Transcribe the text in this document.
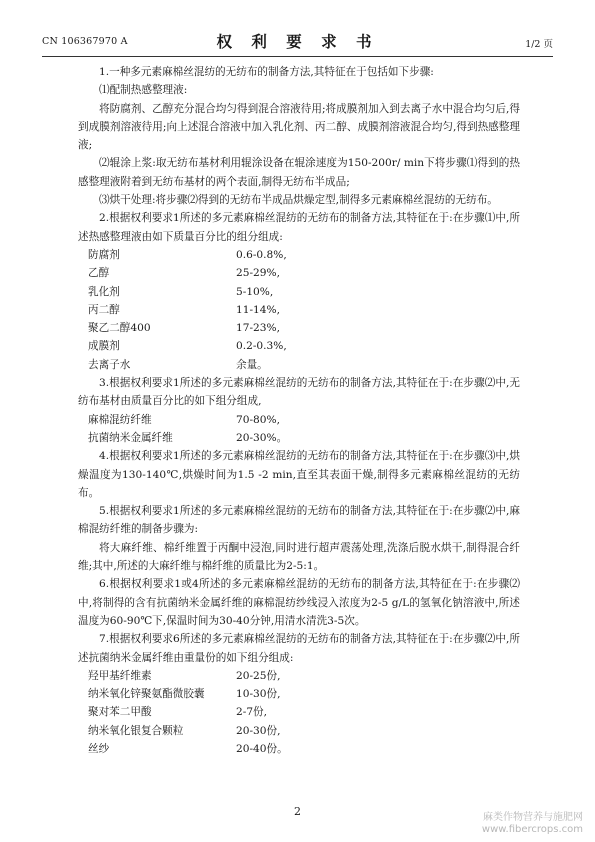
CN 106367970 A	权 利 要 求 书	1/2 页

1.一种多元素麻棉丝混纺的无纺布的制备方法,其特征在于包括如下步骤:

⑴配制热感整理液:

将防腐剂、乙醇充分混合均匀得到混合溶液待用;将成膜剂加入到去离子水中混合均匀后,得到成膜剂溶液待用;向上述混合溶液中加入乳化剂、丙二醇、成膜剂溶液混合均匀,得到热感整理液;

⑵辊涂上浆:取无纺布基材利用辊涂设备在辊涂速度为150-200r/ min下将步骤⑴得到的热感整理液附着到无纺布基材的两个表面,制得无纺布半成品;

⑶烘干处理:将步骤⑵得到的无纺布半成品烘燥定型,制得多元素麻棉丝混纺的无纺布。

2.根据权利要求1所述的多元素麻棉丝混纺的无纺布的制备方法,其特征在于:在步骤⑴中,所述热感整理液由如下质量百分比的组分组成:

防腐剂	0.6-0.8%,
乙醇	25-29%,
乳化剂	5-10%,
丙二醇	11-14%,
聚乙二醇400	17-23%,
成膜剂	0.2-0.3%,
去离子水	余量。

3.根据权利要求1所述的多元素麻棉丝混纺的无纺布的制备方法,其特征在于:在步骤⑵中,无纺布基材由质量百分比的如下组分组成,

麻棉混纺纤维	70-80%,
抗菌纳米金属纤维	20-30%。

4.根据权利要求1所述的多元素麻棉丝混纺的无纺布的制备方法,其特征在于:在步骤⑶中,烘燥温度为130-140℃,烘燥时间为1.5 -2 min,直至其表面干燥,制得多元素麻棉丝混纺的无纺布。

5.根据权利要求1所述的多元素麻棉丝混纺的无纺布的制备方法,其特征在于:在步骤⑵中,麻棉混纺纤维的制备步骤为:

将大麻纤维、棉纤维置于丙酮中浸泡,同时进行超声震荡处理,洗涤后脱水烘干,制得混合纤维;其中,所述的大麻纤维与棉纤维的质量比为2-5:1。

6.根据权利要求1或4所述的多元素麻棉丝混纺的无纺布的制备方法,其特征在于:在步骤⑵中,将制得的含有抗菌纳米金属纤维的麻棉混纺纱线浸入浓度为2-5 g/L的氢氧化钠溶液中,所述温度为60-90℃下,保温时间为30-40分钟,用清水清洗3-5次。

7.根据权利要求6所述的多元素麻棉丝混纺的无纺布的制备方法,其特征在于:在步骤⑵中,所述抗菌纳米金属纤维由重量份的如下组分组成:

羟甲基纤维素	20-25份,
纳米氧化锌聚氨酯微胶囊	10-30份,
聚对苯二甲酸	2-7份,
纳米氧化银复合颗粒	20-30份,
丝纱	20-40份。
2	麻类作物营养与施肥网
www.fibercrops.com
